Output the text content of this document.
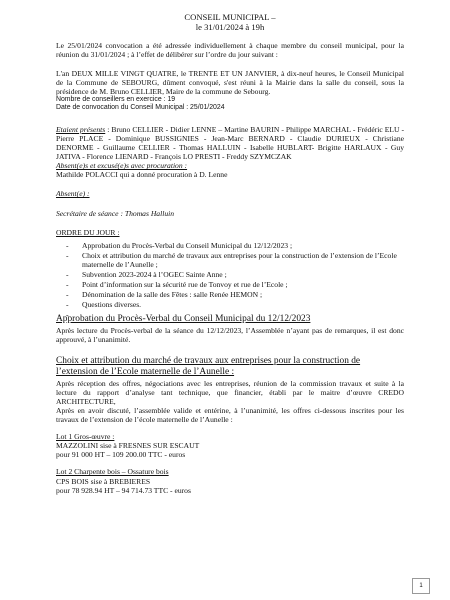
CONSEIL MUNICIPAL –

le 31/01/2024 à 19h

Le 25/01/2024 convocation a été adressée individuellement à chaque membre du conseil municipal, pour la réunion du 31/01/2024 ; à l’effet de délibérer sur l’ordre du jour suivant :

L'an DEUX MILLE VINGT QUATRE, le TRENTE ET UN JANVIER, à dix-neuf heures, le Conseil Municipal de la Commune de SEBOURG, dûment convoqué, s'est réuni à la Mairie dans la salle du conseil, sous la présidence de M. Bruno CELLIER, Maire de la commune de Sebourg.

Nombre de conseillers en exercice : 19

Date de convocation du Conseil Municipal : 25/01/2024

Etaient présents : Bruno CELLIER - Didier LENNE – Martine BAURIN - Philippe MARCHAL - Frédéric ELU - Pierre PLACE - Dominique BUSSIGNIES - Jean-Marc BERNARD - Claudie DURIEUX - Christiane DENORME - Guillaume CELLIER - Thomas HALLUIN - Isabelle HUBLART- Brigitte HARLAUX - Guy JATIVA - Florence LIENARD - François LO PRESTI - Freddy SZYMCZAK

Absent(e)s et excusé(e)s avec procuration :

Mathilde POLACCI qui a donné procuration à D. Lenne

Absent(e) :

Secrétaire de séance : Thomas Halluin

ORDRE DU JOUR :

- Approbation du Procès-Verbal du Conseil Municipal du 12/12/2023 ;
- Choix et attribution du marché de travaux aux entreprises pour la construction de l’extension de l’Ecole maternelle de l’Aunelle ;
- Subvention 2023-2024 à l’OGEC Sainte Anne ;
- Point d’information sur la sécurité rue de Tonvoy et rue de l’Ecole ;
- Dénomination de la salle des Fêtes : salle Renée HEMON ;
- Questions diverses.

Approbation du Procès-Verbal du Conseil Municipal du 12/12/2023

Après lecture du Procès-verbal de la séance du 12/12/2023, l’Assemblée n’ayant pas de remarques, il est donc approuvé, à l’unanimité.

Choix et attribution du marché de travaux aux entreprises pour la construction de l’extension de l’Ecole maternelle de l’Aunelle :

Après réception des offres, négociations avec les entreprises, réunion de la commission travaux et suite à la lecture du rapport d’analyse tant technique, que financier, établi par le maitre d’œuvre CREDO ARCHITECTURE,

Après en avoir discuté, l’assemblée valide et entérine, à l’unanimité, les offres ci-dessous inscrites pour les travaux de l’extension de l’école maternelle de l’Aunelle :

Lot 1 Gros-œuvre :

MAZZOLINI sise à FRESNES SUR ESCAUT

pour 91 000 HT – 109 200.00 TTC - euros

Lot 2 Charpente bois – Ossature bois

CPS BOIS sise à BREBIERES

pour 78 928.94 HT – 94 714.73 TTC - euros

1
